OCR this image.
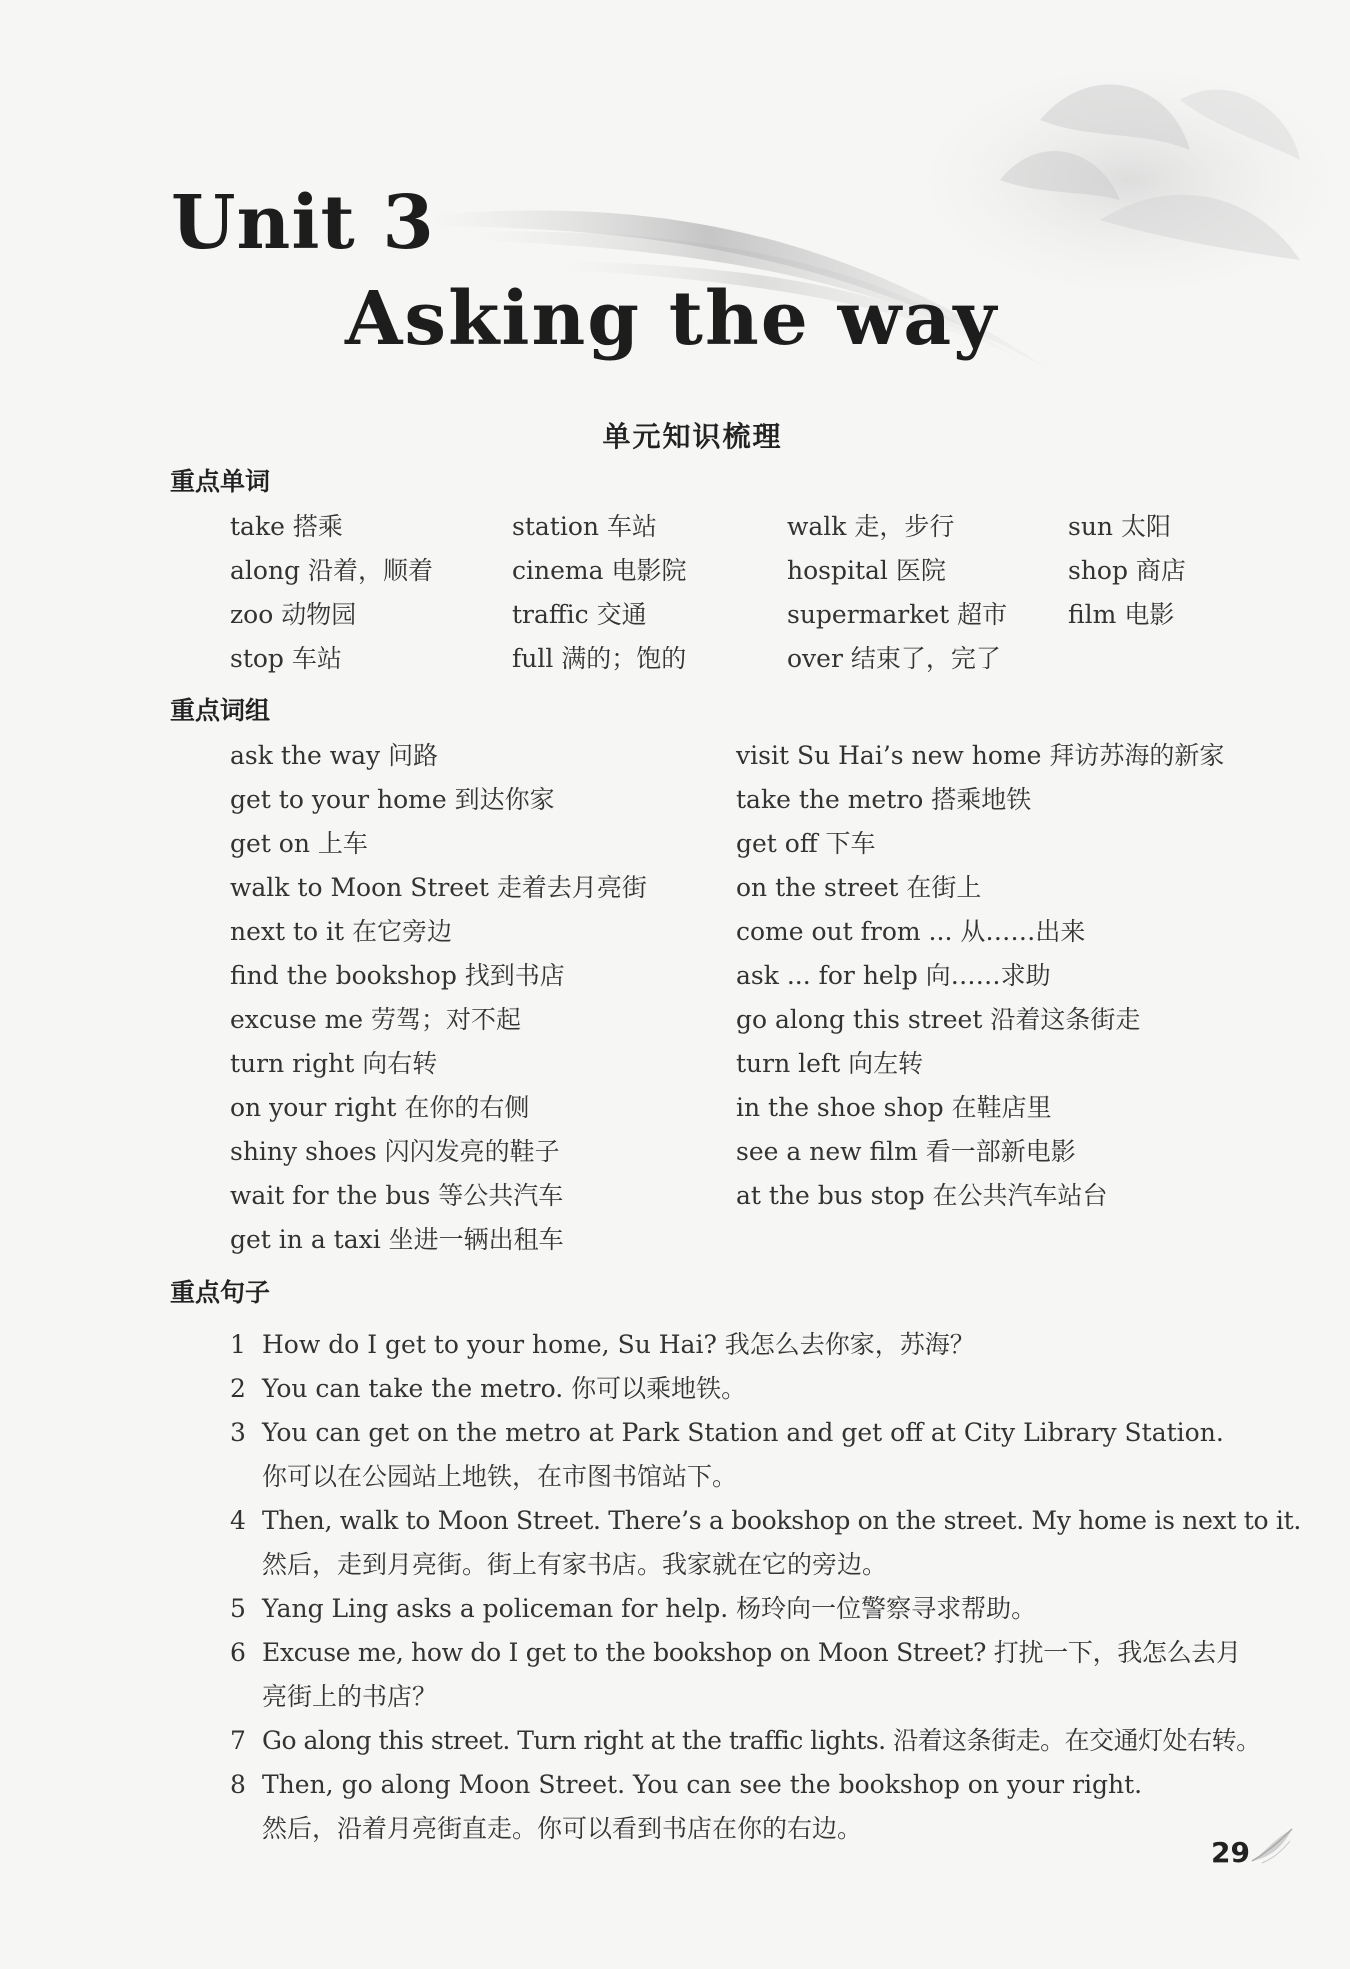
Unit 3
Asking the way
单元知识梳理
重点单词
take 搭乘	station 车站	walk 走，步行	sun 太阳
along 沿着，顺着	cinema 电影院	hospital 医院	shop 商店
zoo 动物园	traffic 交通	supermarket 超市	film 电影
stop 车站	full 满的；饱的	over 结束了，完了
重点词组
ask the way 问路	visit Su Hai’s new home 拜访苏海的新家
get to your home 到达你家	take the metro 搭乘地铁
get on 上车	get off 下车
walk to Moon Street 走着去月亮街	on the street 在街上
next to it 在它旁边	come out from ... 从……出来
find the bookshop 找到书店	ask ... for help 向……求助
excuse me 劳驾；对不起	go along this street 沿着这条街走
turn right 向右转	turn left 向左转
on your right 在你的右侧	in the shoe shop 在鞋店里
shiny shoes 闪闪发亮的鞋子	see a new film 看一部新电影
wait for the bus 等公共汽车	at the bus stop 在公共汽车站台
get in a taxi 坐进一辆出租车
重点句子
1 How do I get to your home, Su Hai? 我怎么去你家，苏海？
2 You can take the metro. 你可以乘地铁。
3 You can get on the metro at Park Station and get off at City Library Station.
你可以在公园站上地铁，在市图书馆站下。
4 Then, walk to Moon Street. There’s a bookshop on the street. My home is next to it.
然后，走到月亮街。街上有家书店。我家就在它的旁边。
5 Yang Ling asks a policeman for help. 杨玲向一位警察寻求帮助。
6 Excuse me, how do I get to the bookshop on Moon Street? 打扰一下，我怎么去月
亮街上的书店？
7 Go along this street. Turn right at the traffic lights. 沿着这条街走。在交通灯处右转。
8 Then, go along Moon Street. You can see the bookshop on your right.
然后，沿着月亮街直走。你可以看到书店在你的右边。
29
